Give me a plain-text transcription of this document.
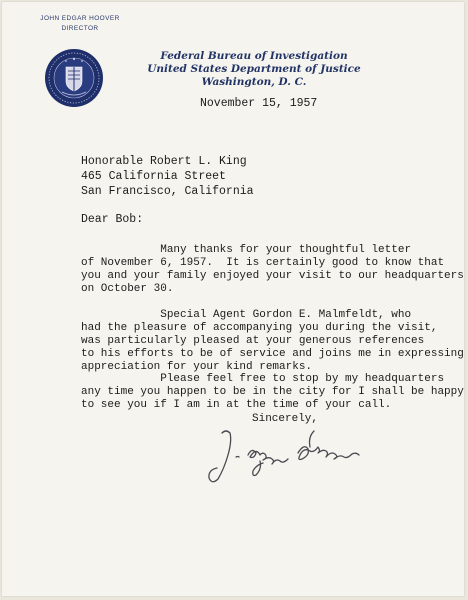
JOHN EDGAR HOOVER
DIRECTOR
Federal Bureau of Investigation
United States Department of Justice
Washington, D. C.
November 15, 1957
Honorable Robert L. King
465 California Street
San Francisco, California
Dear Bob:
Many thanks for your thoughtful letter
of November 6, 1957.  It is certainly good to know that
you and your family enjoyed your visit to our headquarters
on October 30.
Special Agent Gordon E. Malmfeldt, who
had the pleasure of accompanying you during the visit,
was particularly pleased at your generous references
to his efforts to be of service and joins me in expressing
appreciation for your kind remarks.
Please feel free to stop by my headquarters
any time you happen to be in the city for I shall be happy
to see you if I am in at the time of your call.
Sincerely,
